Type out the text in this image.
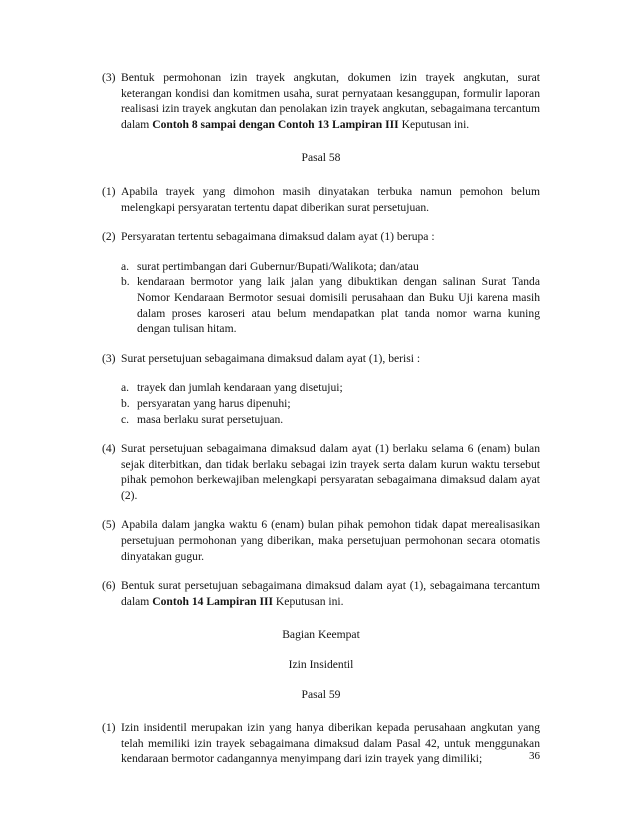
(3) Bentuk permohonan izin trayek angkutan, dokumen izin trayek angkutan, surat keterangan kondisi dan komitmen usaha, surat pernyataan kesanggupan, formulir laporan realisasi izin trayek angkutan dan penolakan izin trayek angkutan, sebagaimana tercantum dalam Contoh 8 sampai dengan Contoh 13 Lampiran III Keputusan ini.
Pasal 58
(1) Apabila trayek yang dimohon masih dinyatakan terbuka namun pemohon belum melengkapi persyaratan tertentu dapat diberikan surat persetujuan.
(2) Persyaratan tertentu sebagaimana dimaksud dalam ayat (1) berupa :
a. surat pertimbangan dari Gubernur/Bupati/Walikota; dan/atau
b. kendaraan bermotor yang laik jalan yang dibuktikan dengan salinan Surat Tanda Nomor Kendaraan Bermotor sesuai domisili perusahaan dan Buku Uji karena masih dalam proses karoseri atau belum mendapatkan plat tanda nomor warna kuning dengan tulisan hitam.
(3) Surat persetujuan sebagaimana dimaksud dalam ayat (1), berisi :
a. trayek dan jumlah kendaraan yang disetujui;
b. persyaratan yang harus dipenuhi;
c. masa berlaku surat persetujuan.
(4) Surat persetujuan sebagaimana dimaksud dalam ayat (1) berlaku selama 6 (enam) bulan sejak diterbitkan, dan tidak berlaku sebagai izin trayek serta dalam kurun waktu tersebut pihak pemohon berkewajiban melengkapi persyaratan sebagaimana dimaksud dalam ayat (2).
(5) Apabila dalam jangka waktu 6 (enam) bulan pihak pemohon tidak dapat merealisasikan persetujuan permohonan yang diberikan, maka persetujuan permohonan secara otomatis dinyatakan gugur.
(6) Bentuk surat persetujuan sebagaimana dimaksud dalam ayat (1), sebagaimana tercantum dalam Contoh 14 Lampiran III Keputusan ini.
Bagian Keempat
Izin Insidentil
Pasal 59
(1) Izin insidentil merupakan izin yang hanya diberikan kepada perusahaan angkutan yang telah memiliki izin trayek sebagaimana dimaksud dalam Pasal 42, untuk menggunakan kendaraan bermotor cadangannya menyimpang dari izin trayek yang dimiliki;	36
